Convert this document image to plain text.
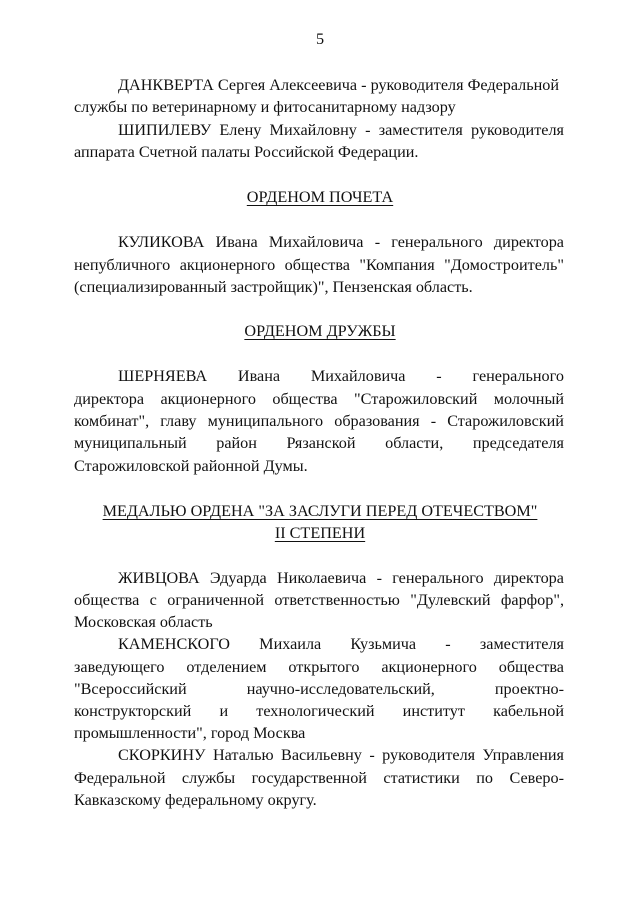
5
ДАНКВЕРТА Сергея Алексеевича - руководителя Федеральной
службы по ветеринарному и фитосанитарному надзору
ШИПИЛЕВУ Елену Михайловну - заместителя руководителя
аппарата Счетной палаты Российской Федерации.
ОРДЕНОМ ПОЧЕТА
КУЛИКОВА Ивана Михайловича - генерального директора
непубличного акционерного общества "Компания "Домостроитель"
(специализированный застройщик)", Пензенская область.
ОРДЕНОМ ДРУЖБЫ
ШЕРНЯЕВА Ивана Михайловича - генерального
директора акционерного общества "Старожиловский молочный
комбинат", главу муниципального образования - Старожиловский
муниципальный район Рязанской области, председателя
Старожиловской районной Думы.
МЕДАЛЬЮ ОРДЕНА "ЗА ЗАСЛУГИ ПЕРЕД ОТЕЧЕСТВОМ"
II СТЕПЕНИ
ЖИВЦОВА Эдуарда Николаевича - генерального директора
общества с ограниченной ответственностью "Дулевский фарфор",
Московская область
КАМЕНСКОГО Михаила Кузьмича - заместителя
заведующего отделением открытого акционерного общества
"Всероссийский	научно-исследовательский,	проектно-
конструкторский и технологический институт кабельной
промышленности", город Москва
СКОРКИНУ Наталью Васильевну - руководителя Управления
Федеральной службы государственной статистики по Северо-
Кавказскому федеральному округу.
